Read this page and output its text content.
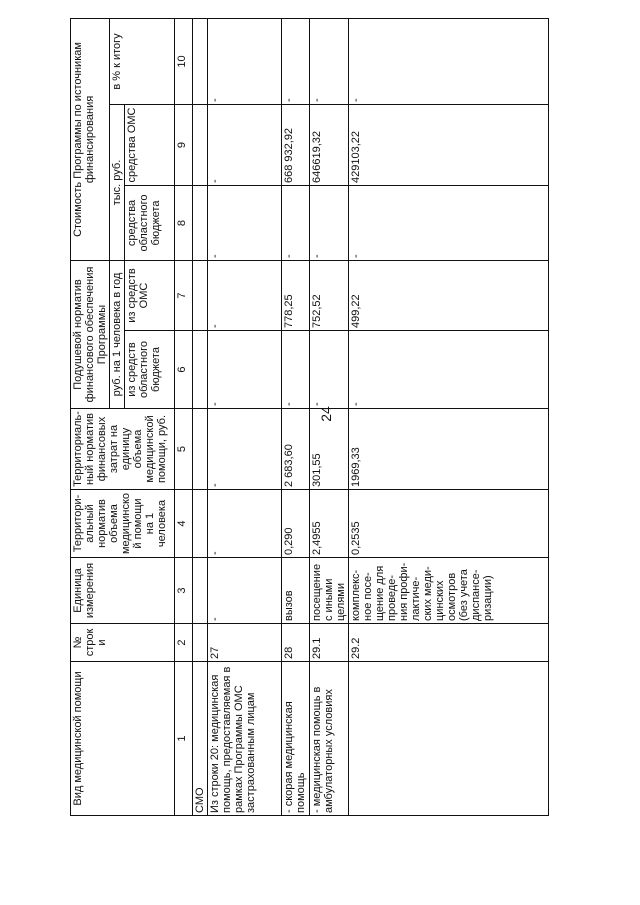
24
Вид медицинской помощи	№ строки	Единица измерения	Территори- альный норматив объема медицинской помощи на 1 человека	Территориаль- ный норматив финансовых затрат на единицу объема медицинской помощи, руб.	Подушевой норматив финансового обеспечения Программы		Стоимость Программы по источникам финансирования		
					руб. на 1 человека в год		тыс. руб.		в % к итогу
					из средств областного бюджета	из средств ОМС	средства областного бюджета	средства ОМС	
1	2	3	4	5	6	7	8	9	10
СМО									
Из строки 20: медицинская помощь, предоставляемая в рамках Программы ОМС застрахованным лицам	27	-	-	-	-	-	-	-	-
- скорая медицинская помощь	28	вызов	0,290	2 683,60	-	778,25	-	668 932,92	-
- медицинская помощь в амбулаторных условиях	29.1	посещение с иными целями	2,4955	301,55	-	752,52	-	646619,32	-
	29.2	комплекс- ное посе- щение для проведе- ния профи- лактиче- ских меди- цинских осмотров (без учета диспансе- ризации)	0,2535	1969,33	-	499,22	-	429103,22	-
